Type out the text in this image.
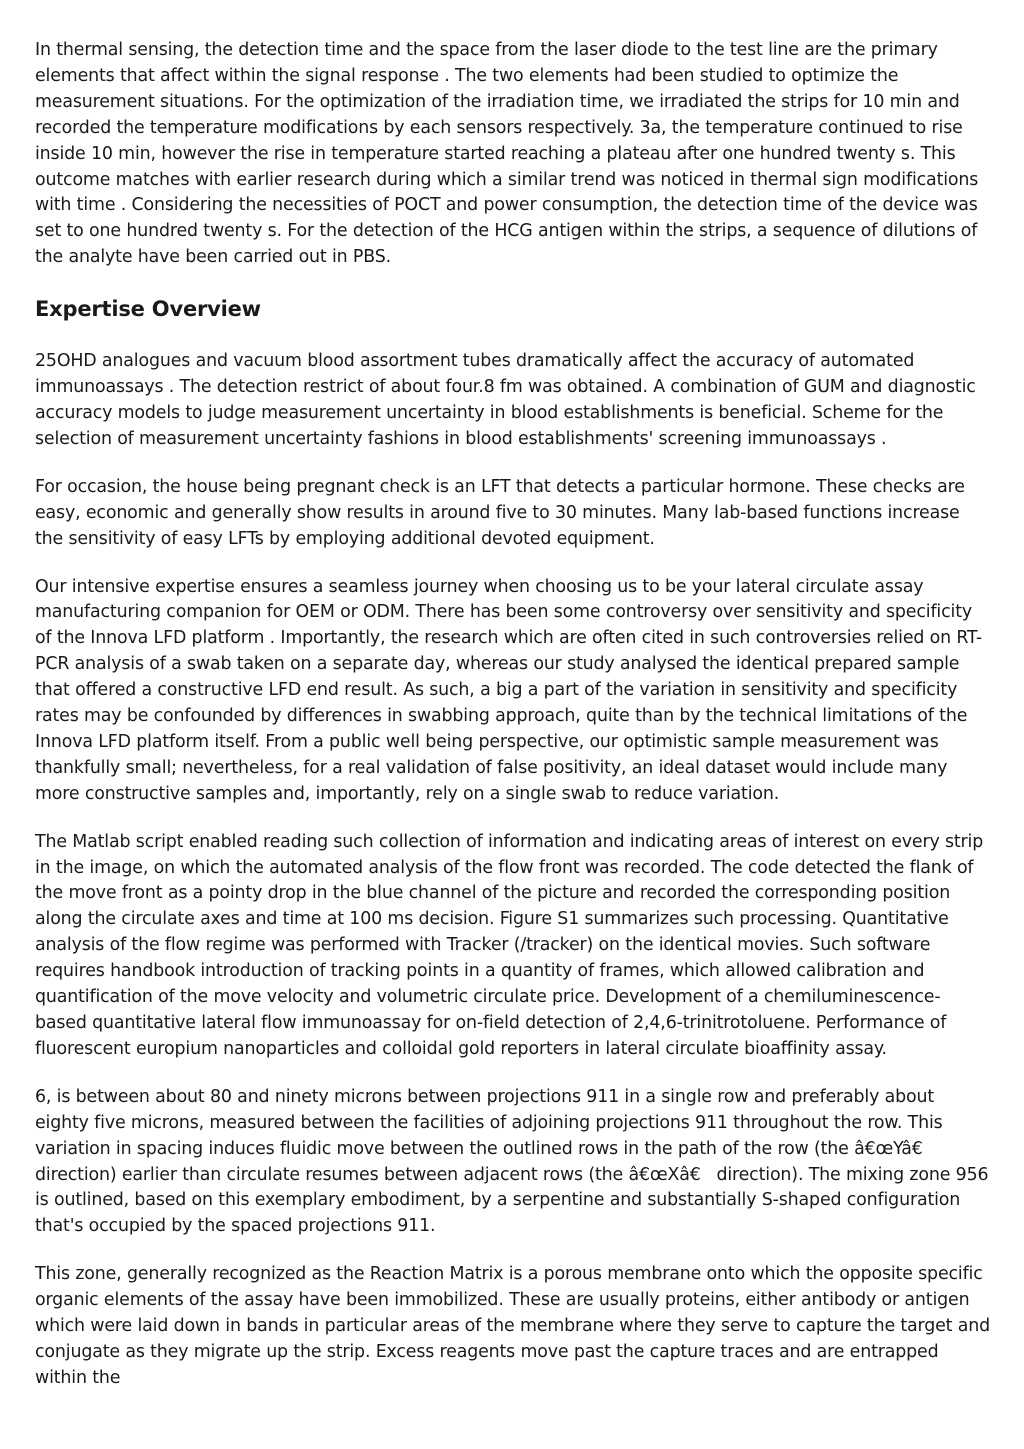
In thermal sensing, the detection time and the space from the laser diode to the test line are the primary elements that affect within the signal response . The two elements had been studied to optimize the measurement situations. For the optimization of the irradiation time, we irradiated the strips for 10 min and recorded the temperature modifications by each sensors respectively. 3a, the temperature continued to rise inside 10 min, however the rise in temperature started reaching a plateau after one hundred twenty s. This outcome matches with earlier research during which a similar trend was noticed in thermal sign modifications with time . Considering the necessities of POCT and power consumption, the detection time of the device was set to one hundred twenty s. For the detection of the HCG antigen within the strips, a sequence of dilutions of the analyte have been carried out in PBS.

Expertise Overview

25OHD analogues and vacuum blood assortment tubes dramatically affect the accuracy of automated immunoassays . The detection restrict of about four.8 fm was obtained. A combination of GUM and diagnostic accuracy models to judge measurement uncertainty in blood establishments is beneficial. Scheme for the selection of measurement uncertainty fashions in blood establishments' screening immunoassays .

For occasion, the house being pregnant check is an LFT that detects a particular hormone. These checks are easy, economic and generally show results in around five to 30 minutes. Many lab-based functions increase the sensitivity of easy LFTs by employing additional devoted equipment.

Our intensive expertise ensures a seamless journey when choosing us to be your lateral circulate assay manufacturing companion for OEM or ODM. There has been some controversy over sensitivity and specificity of the Innova LFD platform . Importantly, the research which are often cited in such controversies relied on RT-PCR analysis of a swab taken on a separate day, whereas our study analysed the identical prepared sample that offered a constructive LFD end result. As such, a big a part of the variation in sensitivity and specificity rates may be confounded by differences in swabbing approach, quite than by the technical limitations of the Innova LFD platform itself. From a public well being perspective, our optimistic sample measurement was thankfully small; nevertheless, for a real validation of false positivity, an ideal dataset would include many more constructive samples and, importantly, rely on a single swab to reduce variation.

The Matlab script enabled reading such collection of information and indicating areas of interest on every strip in the image, on which the automated analysis of the flow front was recorded. The code detected the flank of the move front as a pointy drop in the blue channel of the picture and recorded the corresponding position along the circulate axes and time at 100 ms decision. Figure S1 summarizes such processing. Quantitative analysis of the flow regime was performed with Tracker (/tracker) on the identical movies. Such software requires handbook introduction of tracking points in a quantity of frames, which allowed calibration and quantification of the move velocity and volumetric circulate price. Development of a chemiluminescence-based quantitative lateral flow immunoassay for on-field detection of 2,4,6-trinitrotoluene. Performance of fluorescent europium nanoparticles and colloidal gold reporters in lateral circulate bioaffinity assay.

6, is between about 80 and ninety microns between projections 911 in a single row and preferably about eighty five microns, measured between the facilities of adjoining projections 911 throughout the row. This variation in spacing induces fluidic move between the outlined rows in the path of the row (the â€œYâ€ direction) earlier than circulate resumes between adjacent rows (the â€œXâ€ direction). The mixing zone 956 is outlined, based on this exemplary embodiment, by a serpentine and substantially S-shaped configuration that's occupied by the spaced projections 911.

This zone, generally recognized as the Reaction Matrix is a porous membrane onto which the opposite specific organic elements of the assay have been immobilized. These are usually proteins, either antibody or antigen which were laid down in bands in particular areas of the membrane where they serve to capture the target and conjugate as they migrate up the strip. Excess reagents move past the capture traces and are entrapped within the
